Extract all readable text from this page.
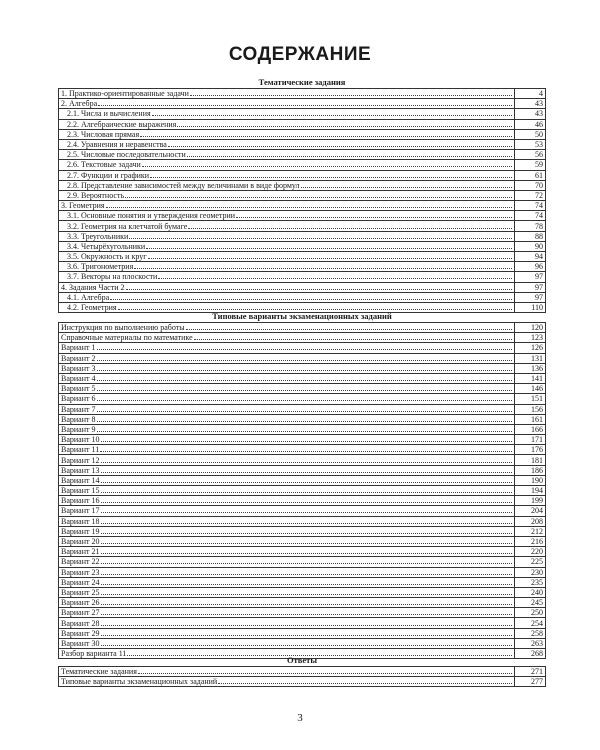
СОДЕРЖАНИЕ
Тематические задания
1. Практико-ориентированные задачи	4

2. Алгебра	43

2.1. Числа и вычисления	43

2.2. Алгебраические выражения	46

2.3. Числовая прямая	50

2.4. Уравнения и неравенства	53

2.5. Числовые последовательности	56

2.6. Текстовые задачи	59

2.7. Функции и графики	61

2.8. Представление зависимостей между величинами в виде формул	70

2.9. Вероятность	72

3. Геометрия	74

3.1. Основные понятия и утверждения геометрии	74

3.2. Геометрия на клетчатой бумаге	78

3.3. Треугольники	88

3.4. Четырёхугольники	90

3.5. Окружность и круг	94

3.6. Тригонометрия	96

3.7. Векторы на плоскости	97

4. Задания Части 2	97

4.1. Алгебра	97

4.2. Геометрия	110
Типовые варианты экзаменационных заданий
Инструкция по выполнению работы	120

Справочные материалы по математике	123

Вариант 1	126

Вариант 2	131

Вариант 3	136

Вариант 4	141

Вариант 5	146

Вариант 6	151

Вариант 7	156

Вариант 8	161

Вариант 9	166

Вариант 10	171

Вариант 11	176

Вариант 12	181

Вариант 13	186

Вариант 14	190

Вариант 15	194

Вариант 16	199

Вариант 17	204

Вариант 18	208

Вариант 19	212

Вариант 20	216

Вариант 21	220

Вариант 22	225

Вариант 23	230

Вариант 24	235

Вариант 25	240

Вариант 26	245

Вариант 27	250

Вариант 28	254

Вариант 29	258

Вариант 30	263

Разбор варианта 11	268
Ответы
Тематические задания	271

Типовые варианты экзаменационных заданий	277
3
